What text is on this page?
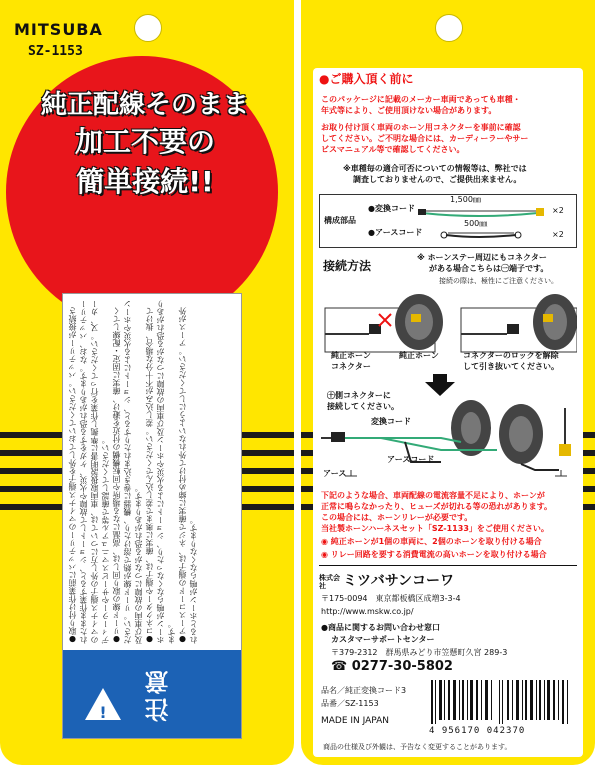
MITSUBA
SZ-1153
純正配線そのまま
加工不要の
簡単接続!!
●取り付け作業前にバッテリーのマイナス端子を外しておいてください。バッテリーが接続されたまま作業すると、ショートして故障や火災、ケガをする恐れがあります。なお、バッテリーのマイナス端子の外し方については、車両取扱説明書に準拠し作業を行ってください。又、カーディーラーやサービスマニュアル等で確認してください。 ●リード線の取り回しは、高温になる場所や回転機構の付近を避け、確実に固定・配線してください。リード線が熱で溶けたり、機器に巻き込まれたりすると、ショートによる火災やホーン及び車両の故障につながる恐れがあります。 ●コネクターや端子は、確実に奥まで差し込んでください。差し込みが不十分な場合、抜けてホーンが鳴らなくなったり、ショートによる火災やホーン及び車両の故障につながる恐れがあります。 ●アースコードの端子は、ネジで確実に締め付けて外れないようにしてください。アースが外れるとホーンが鳴らなくなります。
! 注意
●ご購入頂く前に
このパッケージに記載のメーカー車両であっても車種・
年式等により、ご使用頂けない場合があります。
お取り付け頂く車両のホーン用コネクターを事前に確認
してください。ご不明な場合には、カーディーラーやサー
ビスマニュアル等で確認してください。
※車種毎の適合可否についての情報等は、弊社では
調査しておりませんので、ご提供出来ません。
構成部品
●変換コード
●アースコード
1,500㎜
500㎜
×2
×2
接続方法
※ ホーンステー周辺にもコネクター
がある場合こちらは㊀端子です。
接続の際は、極性にご注意ください。
純正ホーン
コネクター
純正ホーン	コネクターのロックを解除
して引き抜いてください。
㊉側コネクターに
接続してください。
変換コード
アースコード
アース
下記のような場合、車両配線の電流容量不足により、ホーンが
正常に鳴らなかったり、ヒューズが切れる等の恐れがあります。
この場合には、ホーンリレーが必要です。
当社製ホーンハーネスセット「SZ-1133」をご使用ください。
◉ 純正ホーンが1個の車両に、2個のホーンを取り付ける場合
◉ リレー回路を要する消費電流の高いホーンを取り付ける場合
株式会社	ミツバサンコーワ
〒175-0094　東京都板橋区成増3-3-4
http://www.mskw.co.jp/
●商品に関するお問い合わせ窓口
カスタマーサポートセンター
〒379-2312　群馬県みどり市笠懸町久宮 289-3
☎ 0277-30-5802
品名／純正変換コード3
品番／SZ-1153
MADE IN JAPAN
4 956170 042370
商品の仕様及び外観は、予告なく変更することがあります。
